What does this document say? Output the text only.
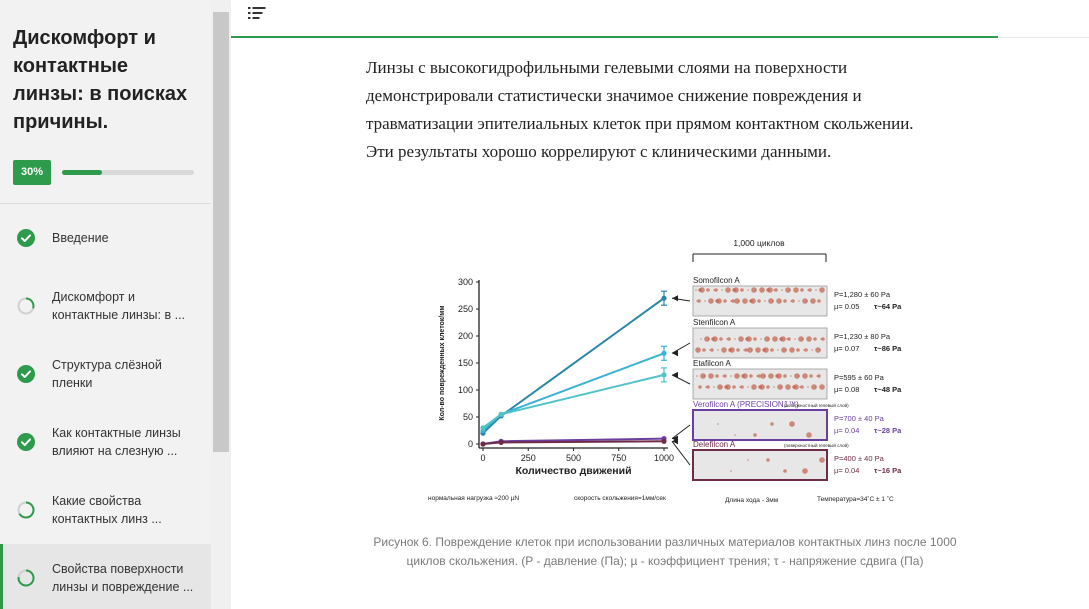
Дискомфорт и контактные линзы: в поисках причины.
30%
Введение
Дискомфорт и контактные линзы: в ...
Структура слёзной пленки
Как контактные линзы влияют на слезную ...
Какие свойства контактных линз ...
Свойства поверхности линзы и повреждение ...
Линзы с высокогидрофильными гелевыми слоями на поверхности демонстрировали статистически значимое снижение повреждения и травматизации эпителиальных клеток при прямом контактном скольжении. Эти результаты хорошо коррелируют с клиническими данными.
1,000 циклов
0
50
100
150
200
250
300
0	250	500	750	1000
Количество движений
Кол-во поврежденных клеток/мм
Somofilcon A
P=1,280 ± 60 Pa
µ= 0.05 τ~64 Pa
Stenfilcon A
P=1,230 ± 80 Pa
µ= 0.07 τ~86 Pa
Etafilcon A
P=595 ± 60 Pa
µ= 0.08 τ~48 Pa
Verofilcon A (PRECISION1™)
(поверхностный гелевый слой)
P=700 ± 40 Pa
µ= 0.04 τ~28 Pa
Delefilcon A	(поверхностный гелевый слой)
P=400 ± 40 Pa
µ= 0.04 τ~16 Pa
нормальная нагрузка ≈200 µN	скорость скольжения=1мм/сек	Длина хода - 3мм	Температура=34˚C ± 1 ˚C
Рисунок 6. Повреждение клеток при использовании различных материалов контактных линз после 1000 циклов скольжения. (P - давление (Па); µ - коэффициент трения; τ - напряжение сдвига (Па)
